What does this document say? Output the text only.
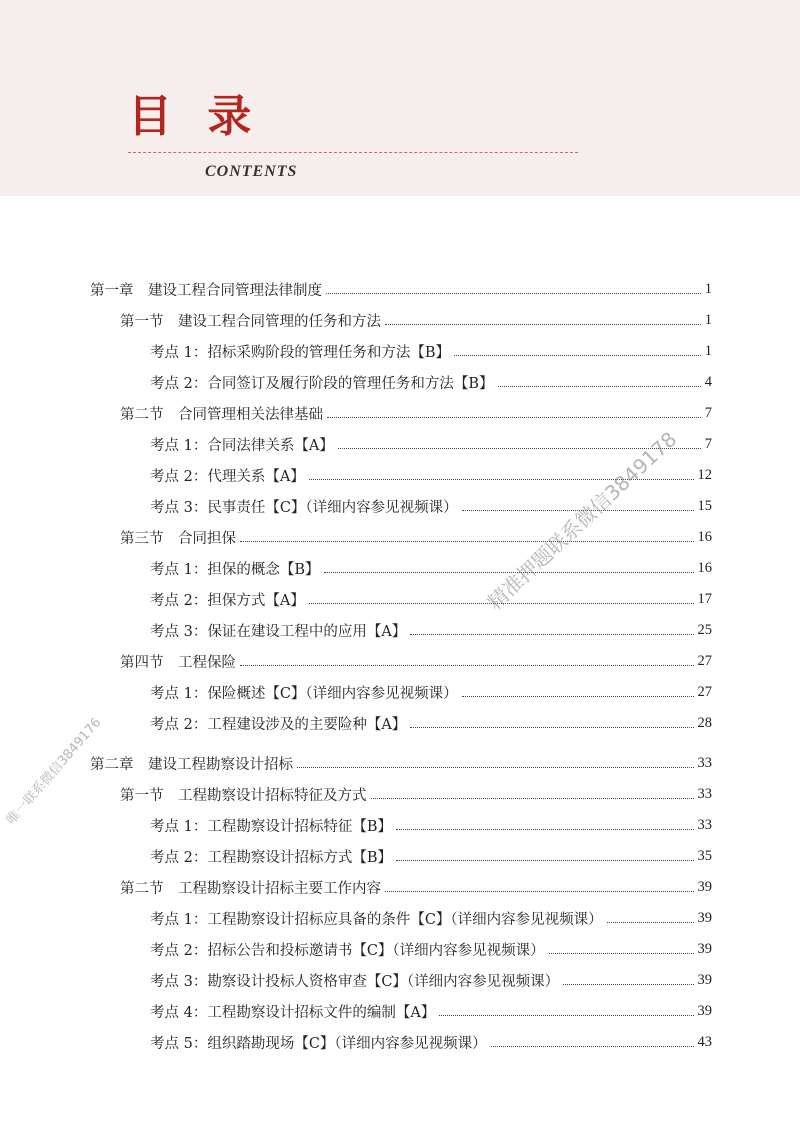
目 录
CONTENTS
第一章　建设工程合同管理法律制度	1
第一节　建设工程合同管理的任务和方法	1
考点 1：招标采购阶段的管理任务和方法【B】	1
考点 2：合同签订及履行阶段的管理任务和方法【B】	4
第二节　合同管理相关法律基础	7
考点 1：合同法律关系【A】	7
考点 2：代理关系【A】	12
考点 3：民事责任【C】（详细内容参见视频课）	15
第三节　合同担保	16
考点 1：担保的概念【B】	16
考点 2：担保方式【A】	17
考点 3：保证在建设工程中的应用【A】	25
第四节　工程保险	27
考点 1：保险概述【C】（详细内容参见视频课）	27
考点 2：工程建设涉及的主要险种【A】	28
第二章　建设工程勘察设计招标	33
第一节　工程勘察设计招标特征及方式	33
考点 1：工程勘察设计招标特征【B】	33
考点 2：工程勘察设计招标方式【B】	35
第二节　工程勘察设计招标主要工作内容	39
考点 1：工程勘察设计招标应具备的条件【C】（详细内容参见视频课）	39
考点 2：招标公告和投标邀请书【C】（详细内容参见视频课）	39
考点 3：勘察设计投标人资格审查【C】（详细内容参见视频课）	39
考点 4：工程勘察设计招标文件的编制【A】	39
考点 5：组织踏勘现场【C】（详细内容参见视频课）	43
精准押题联系微信3849178
唯一联系微信3849176
